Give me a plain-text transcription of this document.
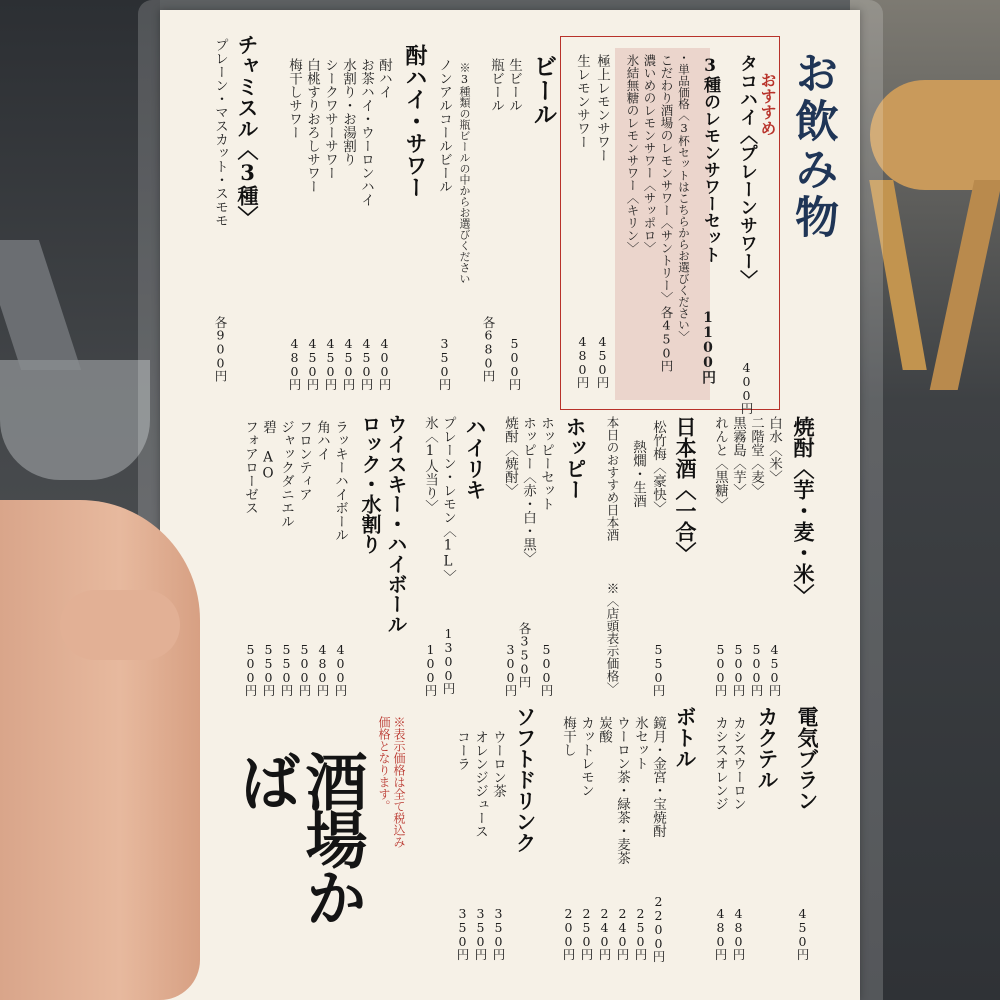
お飲み物
おすすめ
タコハイ〈プレーンサワー〉
400円
3種のレモンサワーセット
1100円
・単品価格〈3杯セットはこちらからお選びください〉
こだわり酒場のレモンサワー〈サントリー〉
濃いめのレモンサワー〈サッポロ〉
氷結無糖のレモンサワー〈キリン〉
各450円
極上レモンサワー
生レモンサワー
450円
480円
ビール
生ビール
瓶ビール
※3種類の瓶ビールの中からお選びください
ノンアルコールビール
500円
各680円
350円
酎ハイ・サワー
酎ハイ
お茶ハイ・ウーロンハイ
水割り・お湯割り
シークワサーサワー
白桃すりおろしサワー
梅干しサワー
400円
450円
450円
450円
450円
480円
チャミスル〈3種〉
プレーン・マスカット・スモモ
各900円
焼酎〈芋・麦・米〉
白水〈米〉
二階堂〈麦〉
黒霧島〈芋〉
れんと〈黒糖〉
450円
500円
500円
500円
日本酒〈一合〉
松竹梅〈豪快〉
熱燗・生酒
本日のおすすめ日本酒
※〈店頭表示価格〉 550円
ホッピー
ホッピーセット
ホッピー〈赤・白・黒〉
焼酎〈焼酎〉
500円
各350円
300円
ハイリキ
プレーン・レモン〈1L〉
氷〈1人当り〉
1300円
100円
ウイスキー・ハイボール
ロック・水割り
ラッキーハイボール
角ハイ
フロンティア
ジャックダニエル
碧 AO
フォアローゼス
400円
480円
500円
550円
550円
500円
電気ブラン
450円
カクテル
カシスウーロン
カシスオレンジ
480円
480円
ボトル
鏡月・金宮・宝焼酎
氷セット
ウーロン茶・緑茶・麦茶
炭酸
カットレモン
梅干し
2200円
250円
240円
240円
250円
200円
ソフトドリンク
ウーロン茶
オレンジジュース
コーラ
350円
350円
350円
※表示価格は全て税込み価格となります。
酒場かば
